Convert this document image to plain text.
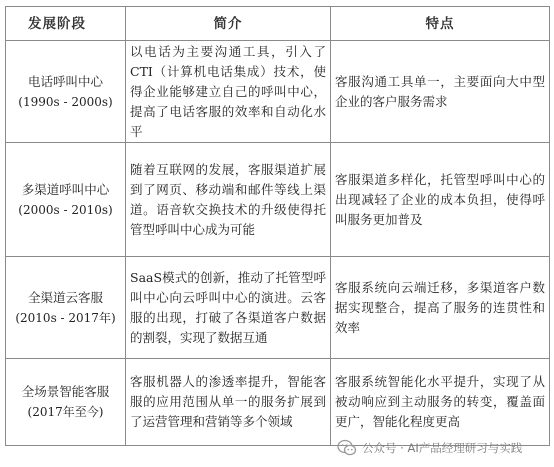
发展阶段	简介	特点

电话呼叫中心
(1990s - 2000s)	以电话为主要沟通工具，引入了CTI（计算机电话集成）技术，使得企业能够建立自己的呼叫中心，提高了电话客服的效率和自动化水平	客服沟通工具单一，主要面向大中型企业的客户服务需求

多渠道呼叫中心
(2000s - 2010s)	随着互联网的发展，客服渠道扩展到了网页、移动端和邮件等线上渠道。语音软交换技术的升级使得托管型呼叫中心成为可能	客服渠道多样化，托管型呼叫中心的出现减轻了企业的成本负担，使得呼叫服务更加普及

全渠道云客服
(2010s - 2017年)	SaaS模式的创新，推动了托管型呼叫中心向云呼叫中心的演进。云客服的出现，打破了各渠道客户数据的割裂，实现了数据互通	客服系统向云端迁移，多渠道客户数据实现整合，提高了服务的连贯性和效率

全场景智能客服
(2017年至今)	客服机器人的渗透率提升，智能客服的应用范围从单一的服务扩展到了运营管理和营销等多个领域	客服系统智能化水平提升，实现了从被动响应到主动服务的转变，覆盖面更广，智能化程度更高
公众号 · AI产品经理研习与实践
